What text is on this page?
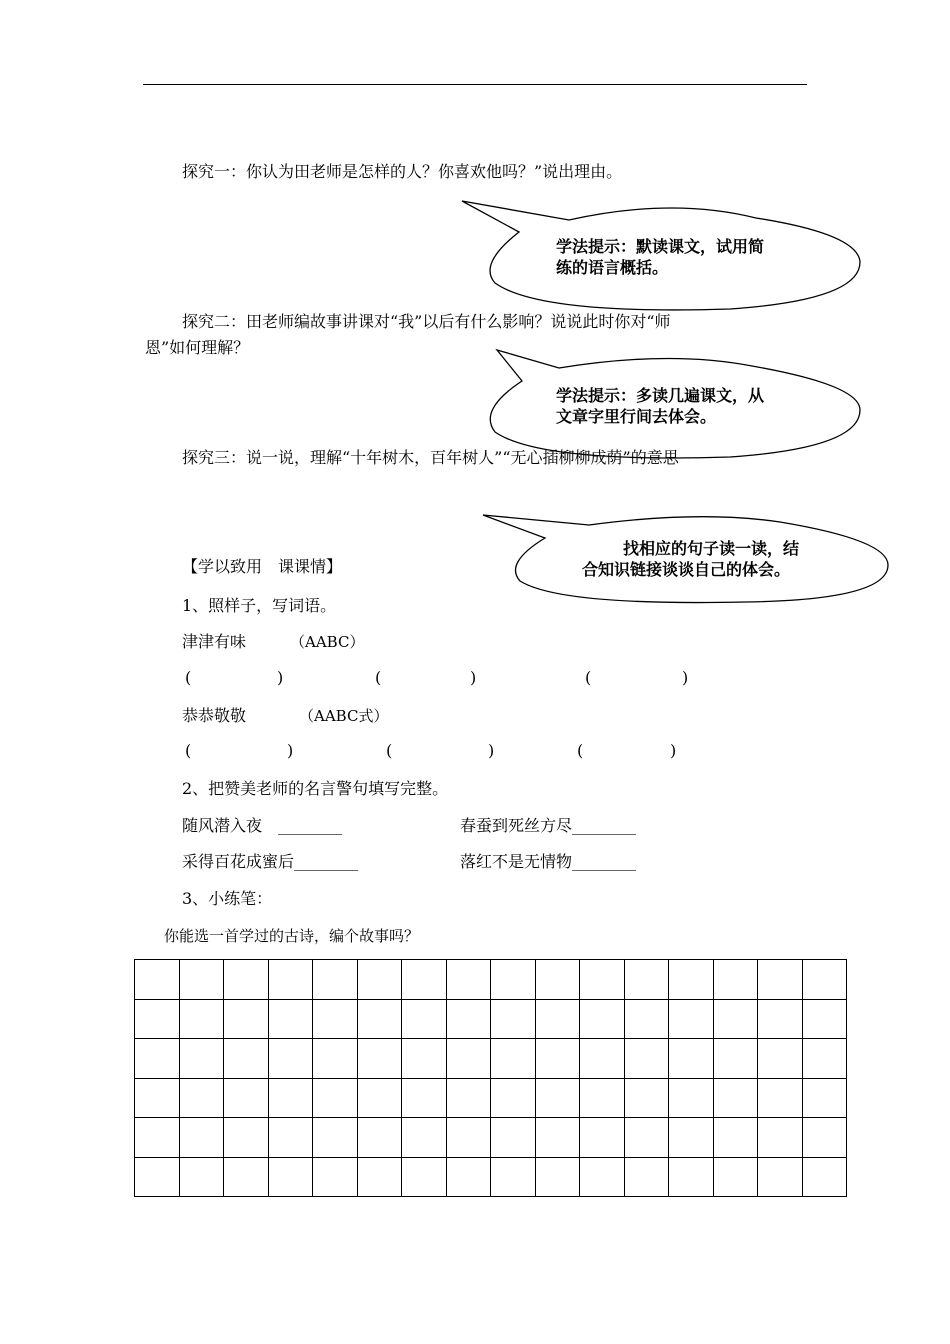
探究一：你认为田老师是怎样的人？你喜欢他吗？”说出理由。
学法提示：默读课文，试用简
练的语言概括。
探究二：田老师编故事讲课对“我”以后有什么影响？说说此时你对“师
恩”如何理解？
学法提示：多读几遍课文，从
文章字里行间去体会。
探究三：说一说，理解“十年树木，百年树人”“无心插柳柳成荫”的意思
找相应的句子读一读，结
合知识链接谈谈自己的体会。
【学以致用　课课情】
1、照样子，写词语。
津津有味	（AABC）
(	)	(	)	(	)
恭恭敬敬	（AABC式）
(	)	(	)	(	)
2、把赞美老师的名言警句填写完整。
随风潜入夜　________	春蚕到死丝方尽________
采得百花成蜜后________	落红不是无情物________
3、小练笔：
你能选一首学过的古诗，编个故事吗？
